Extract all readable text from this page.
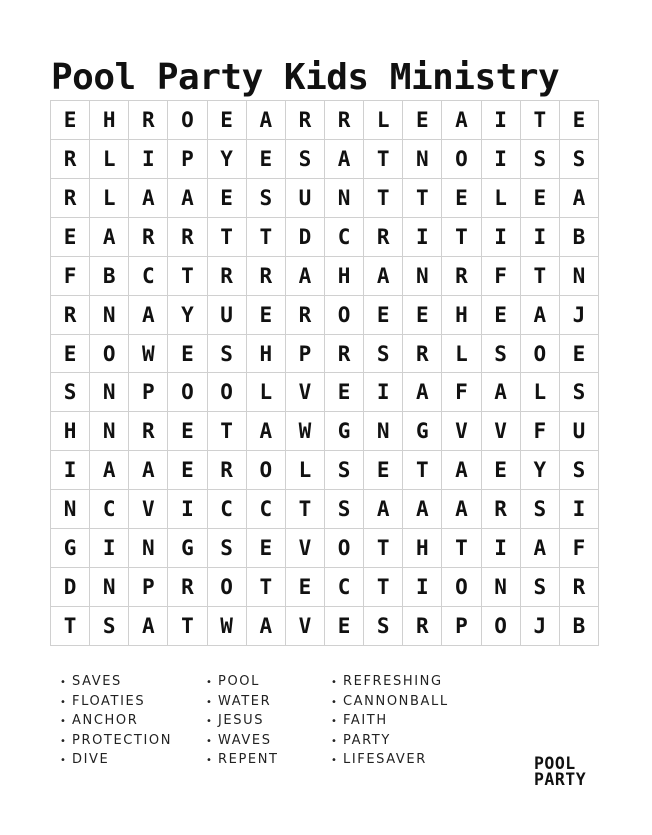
Pool Party Kids Ministry
E	H	R	O	E	A	R	R	L	E	A	I	T	E
R	L	I	P	Y	E	S	A	T	N	O	I	S	S
R	L	A	A	E	S	U	N	T	T	E	L	E	A
E	A	R	R	T	T	D	C	R	I	T	I	I	B
F	B	C	T	R	R	A	H	A	N	R	F	T	N
R	N	A	Y	U	E	R	O	E	E	H	E	A	J
E	O	W	E	S	H	P	R	S	R	L	S	O	E
S	N	P	O	O	L	V	E	I	A	F	A	L	S
H	N	R	E	T	A	W	G	N	G	V	V	F	U
I	A	A	E	R	O	L	S	E	T	A	E	Y	S
N	C	V	I	C	C	T	S	A	A	A	R	S	I
G	I	N	G	S	E	V	O	T	H	T	I	A	F
D	N	P	R	O	T	E	C	T	I	O	N	S	R
T	S	A	T	W	A	V	E	S	R	P	O	J	B
• SAVES
• FLOATIES
• ANCHOR
• PROTECTION
• DIVE
• POOL
• WATER
• JESUS
• WAVES
• REPENT
• REFRESHING
• CANNONBALL
• FAITH
• PARTY
• LIFESAVER	POOL
PARTY
